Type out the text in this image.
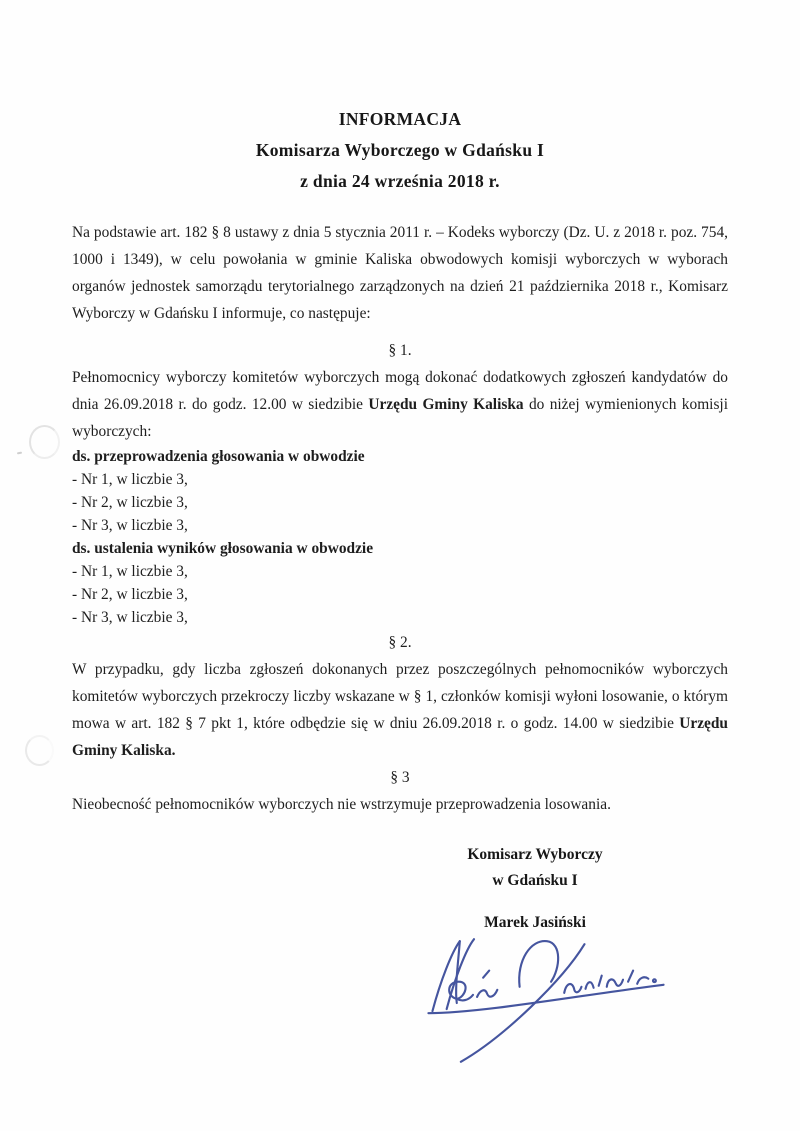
INFORMACJA
Komisarza Wyborczego w Gdańsku I
z dnia 24 września 2018 r.
Na podstawie art. 182 § 8 ustawy z dnia 5 stycznia 2011 r. – Kodeks wyborczy (Dz. U. z 2018 r. poz. 754, 1000 i 1349), w celu powołania w gminie Kaliska obwodowych komisji wyborczych w wyborach organów jednostek samorządu terytorialnego zarządzonych na dzień 21 października 2018 r., Komisarz Wyborczy w Gdańsku I informuje, co następuje:
§ 1.
Pełnomocnicy wyborczy komitetów wyborczych mogą dokonać dodatkowych zgłoszeń kandydatów do dnia 26.09.2018 r. do godz. 12.00 w siedzibie Urzędu Gminy Kaliska do niżej wymienionych komisji wyborczych:
ds. przeprowadzenia głosowania w obwodzie
- Nr 1, w liczbie 3,
- Nr 2, w liczbie 3,
- Nr 3, w liczbie 3,
ds. ustalenia wyników głosowania w obwodzie
- Nr 1, w liczbie 3,
- Nr 2, w liczbie 3,
- Nr 3, w liczbie 3,
§ 2.
W przypadku, gdy liczba zgłoszeń dokonanych przez poszczególnych pełnomocników wyborczych komitetów wyborczych przekroczy liczby wskazane w § 1, członków komisji wyłoni losowanie, o którym mowa w art. 182 § 7 pkt 1, które odbędzie się w dniu 26.09.2018 r. o godz. 14.00 w siedzibie Urzędu Gminy Kaliska.
§ 3
Nieobecność pełnomocników wyborczych nie wstrzymuje przeprowadzenia losowania.
Komisarz Wyborczy
w Gdańsku I
Marek Jasiński
